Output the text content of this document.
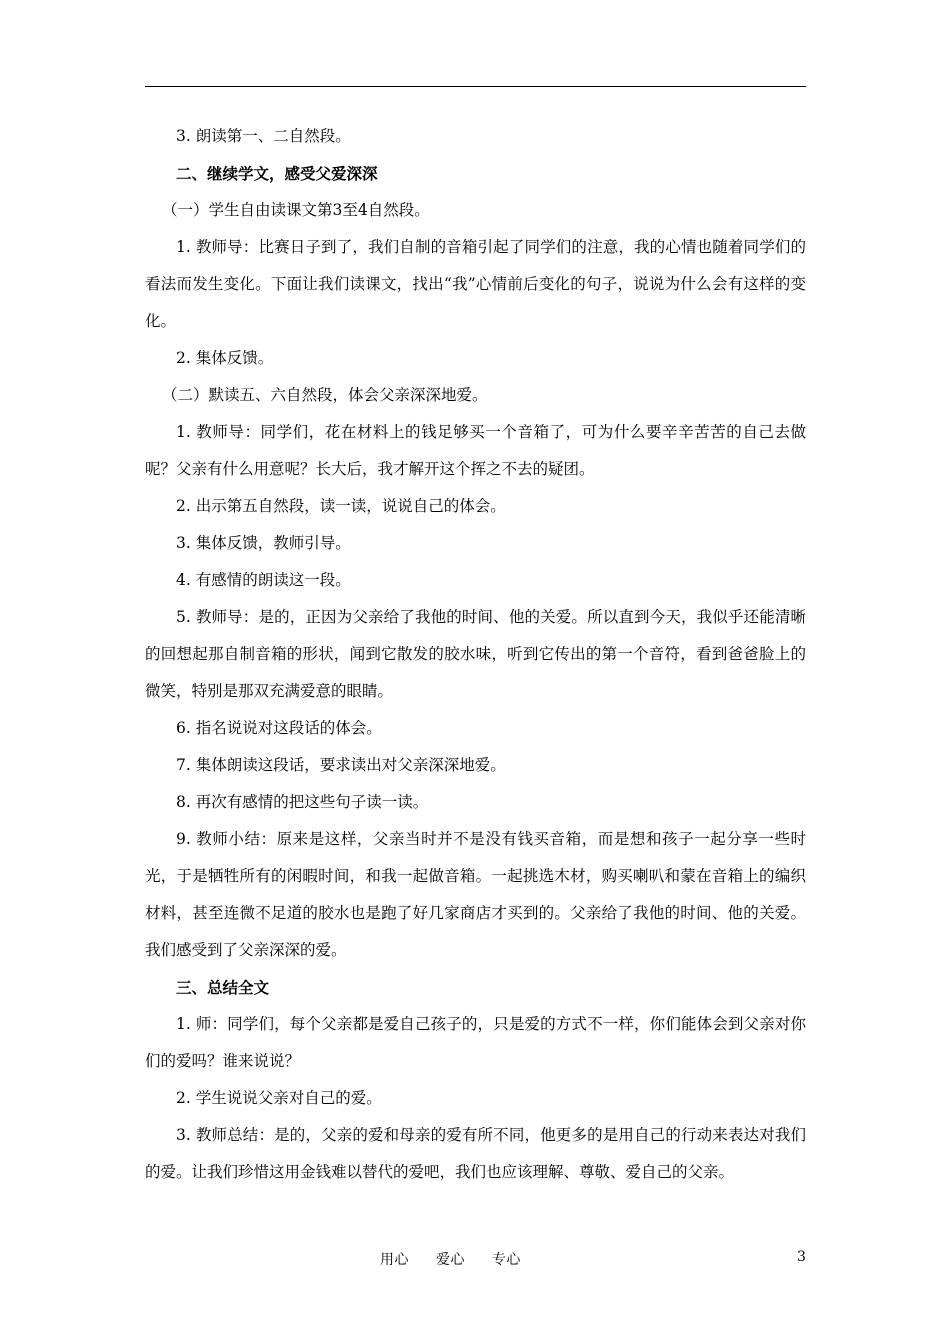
3. 朗读第一、二自然段。

二、继续学文，感受父爱深深

（一）学生自由读课文第3至4自然段。

1. 教师导：比赛日子到了，我们自制的音箱引起了同学们的注意，我的心情也随着同学们的看法而发生变化。下面让我们读课文，找出“我”心情前后变化的句子，说说为什么会有这样的变化。

2. 集体反馈。

（二）默读五、六自然段，体会父亲深深地爱。

1. 教师导：同学们，花在材料上的钱足够买一个音箱了，可为什么要辛辛苦苦的自己去做呢？父亲有什么用意呢？长大后，我才解开这个挥之不去的疑团。

2. 出示第五自然段，读一读，说说自己的体会。

3. 集体反馈，教师引导。

4. 有感情的朗读这一段。

5. 教师导：是的，正因为父亲给了我他的时间、他的关爱。所以直到今天，我似乎还能清晰的回想起那自制音箱的形状，闻到它散发的胶水味，听到它传出的第一个音符，看到爸爸脸上的微笑，特别是那双充满爱意的眼睛。

6. 指名说说对这段话的体会。

7. 集体朗读这段话，要求读出对父亲深深地爱。

8. 再次有感情的把这些句子读一读。

9. 教师小结：原来是这样，父亲当时并不是没有钱买音箱，而是想和孩子一起分享一些时光，于是牺牲所有的闲暇时间，和我一起做音箱。一起挑选木材，购买喇叭和蒙在音箱上的编织材料，甚至连微不足道的胶水也是跑了好几家商店才买到的。父亲给了我他的时间、他的关爱。我们感受到了父亲深深的爱。

三、总结全文

1. 师：同学们，每个父亲都是爱自己孩子的，只是爱的方式不一样，你们能体会到父亲对你们的爱吗？谁来说说？

2. 学生说说父亲对自己的爱。

3. 教师总结：是的，父亲的爱和母亲的爱有所不同，他更多的是用自己的行动来表达对我们的爱。让我们珍惜这用金钱难以替代的爱吧，我们也应该理解、尊敬、爱自己的父亲。

用心 爱心 专心	3
